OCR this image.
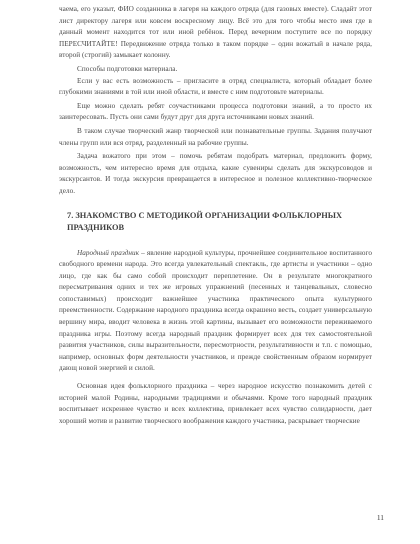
чаема, его указыт, ФИО созданника в лагеря на каждого отряда (для газовых вместе). Сладайт этот лист директору лагеря или ковсем воскресному лицу. Всё это для того чтобы место имя где в данный момент находится тот или иной ребёнок. Перед вечерним поступите все по порядку ПЕРЕСЧИТАЙТЕ! Передвижение отряда только в таком порядке – один вожатый в начале ряда, второй (строгий) замыкает колонну.

Способы подготовки материала.

Если у вас есть возможность – пригласите в отряд специалиста, который обладает более глубокими знаниями в той или иной области, и вместе с ним подготовьте материалы.

Еще можно сделать ребят соучастниками процесса подготовки знаний, а то просто их заинтересовать. Пусть они сами будут друг для друга источниками новых знаний.

В таком случае творческий жанр творческой или познавательные группы. Задания получают члены групп или вся отряд, разделенный на рабочие группы.

Задача вожатого при этом – помочь ребятам подобрать материал, предложить форму, возможность, чем интересно время для отдыха, какие сувениры сделать для экскурсоводов и экскурсантов. И тогда экскурсия превращается в интересное и полезное коллективно-творческое дело.

7. ЗНАКОМСТВО С МЕТОДИКОЙ ОРГАНИЗАЦИИ ФОЛЬКЛОРНЫХ ПРАЗДНИКОВ

Народный праздник – явление народной культуры, прочнейшее соединительное воспитанного свободного времени народа. Это всегда увлекательный спектакль, где артисты и участники – одно лицо, где как бы само собой происходит переплетение. Он в результате многократного пересматривания одних и тех же игровых упражнений (песенных и танцевальных, словесно сопоставимых) происходит важнейшее участника практического опыта культурного преемственности. Содержание народного праздника всегда окрашено весть, создает универсальную вершину мира, вводит человека в жизнь этой картины, вызывает его возможности переживаемого праздника игры. Поэтому всегда народный праздник формирует всех для тех самостоятельной развития участников, силы выразительности, пересмотрности, результативности и т.п. с помощью, например, основных форм деятельности участников, и прежде свойственным образом нормирует дающ новой энергией и силой.

Основная идея фольклорного праздника – через народное искусство познакомить детей с историей малой Родины, народными традициями и обычаями. Кроме того народный праздник воспитывает искреннее чувство и всех коллектива, привлекает всех чувство солидарности, дает хороший мотив и развитие творческого воображения каждого участника, раскрывает творческие

11
